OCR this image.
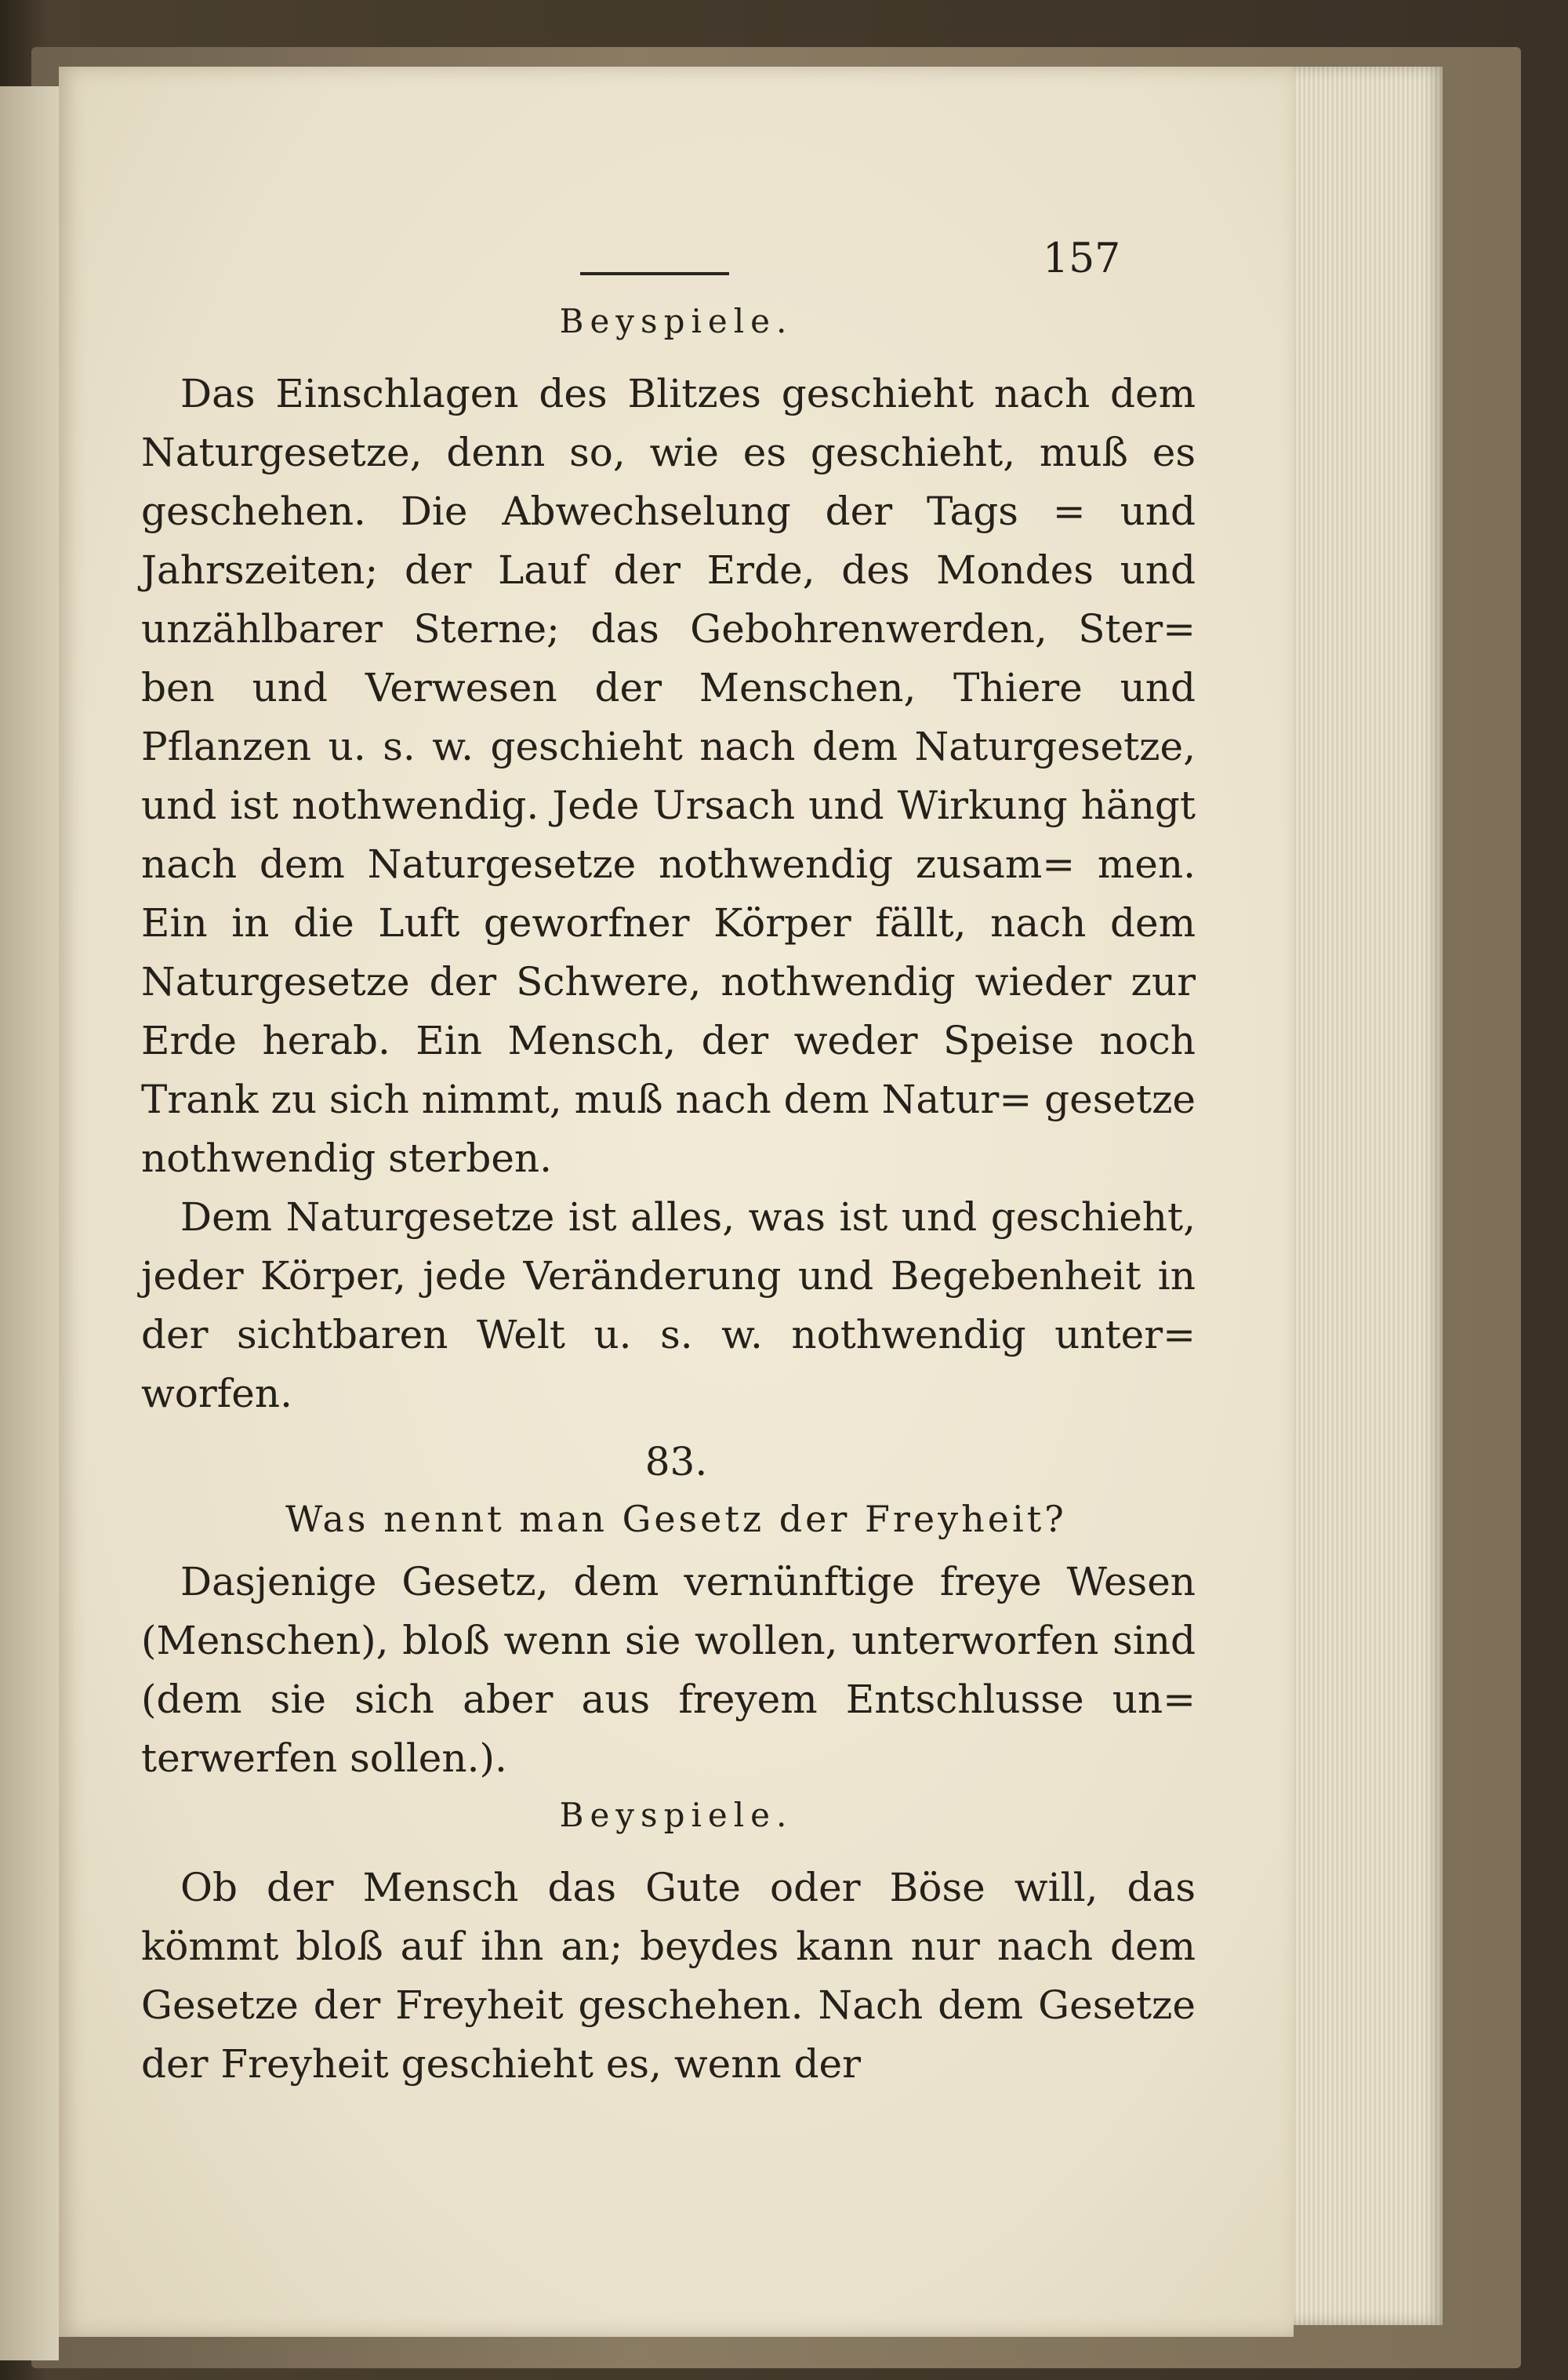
157
Beyspiele.

Das Einschlagen des Blitzes geschieht nach dem Naturgesetze, denn so, wie es geschieht, muß es geschehen. Die Abwechselung der Tags = und Jahrszeiten; der Lauf der Erde, des Mondes und unzählbarer Sterne; das Gebohrenwerden, Ster= ben und Verwesen der Menschen, Thiere und Pflanzen u. s. w. geschieht nach dem Naturgesetze, und ist nothwendig. Jede Ursach und Wirkung hängt nach dem Naturgesetze nothwendig zusam= men. Ein in die Luft geworfner Körper fällt, nach dem Naturgesetze der Schwere, nothwendig wieder zur Erde herab. Ein Mensch, der weder Speise noch Trank zu sich nimmt, muß nach dem Natur= gesetze nothwendig sterben.

Dem Naturgesetze ist alles, was ist und geschieht, jeder Körper, jede Veränderung und Begebenheit in der sichtbaren Welt u. s. w. nothwendig unter= worfen.

83.
Was nennt man Gesetz der Freyheit?

Dasjenige Gesetz, dem vernünftige freye Wesen (Menschen), bloß wenn sie wollen, unterworfen sind (dem sie sich aber aus freyem Entschlusse un= terwerfen sollen.).

Beyspiele.

Ob der Mensch das Gute oder Böse will, das kömmt bloß auf ihn an; beydes kann nur nach dem Gesetze der Freyheit geschehen. Nach dem Gesetze der Freyheit geschieht es, wenn der
